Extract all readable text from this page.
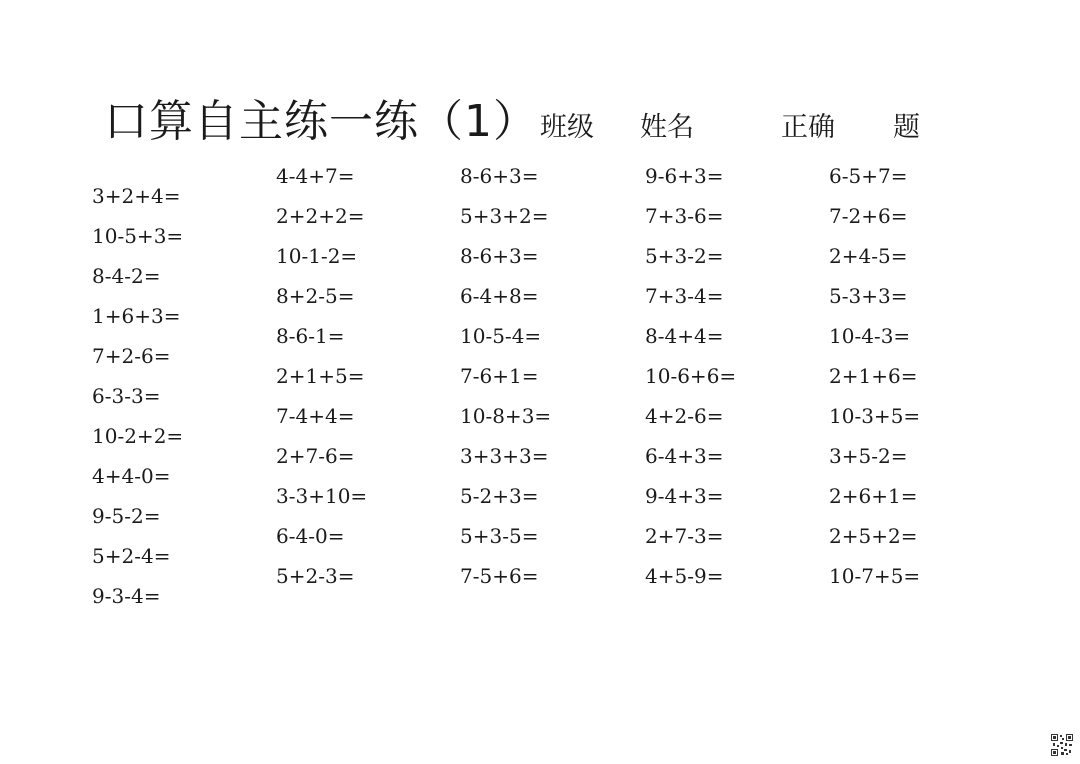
口算自主练一练（1） 班级 姓名	正确 题
3+2+4=
10-5+3=
8-4-2=
1+6+3=
7+2-6=
6-3-3=
10-2+2=
4+4-0=
9-5-2=
5+2-4=
9-3-4=
4-4+7=
2+2+2=
10-1-2=
8+2-5=
8-6-1=
2+1+5=
7-4+4=
2+7-6=
3-3+10=
6-4-0=
5+2-3=
8-6+3=
5+3+2=
8-6+3=
6-4+8=
10-5-4=
7-6+1=
10-8+3=
3+3+3=
5-2+3=
5+3-5=
7-5+6=
9-6+3=
7+3-6=
5+3-2=
7+3-4=
8-4+4=
10-6+6=
4+2-6=
6-4+3=
9-4+3=
2+7-3=
4+5-9=
6-5+7=
7-2+6=
2+4-5=
5-3+3=
10-4-3=
2+1+6=
10-3+5=
3+5-2=
2+6+1=
2+5+2=
10-7+5=
